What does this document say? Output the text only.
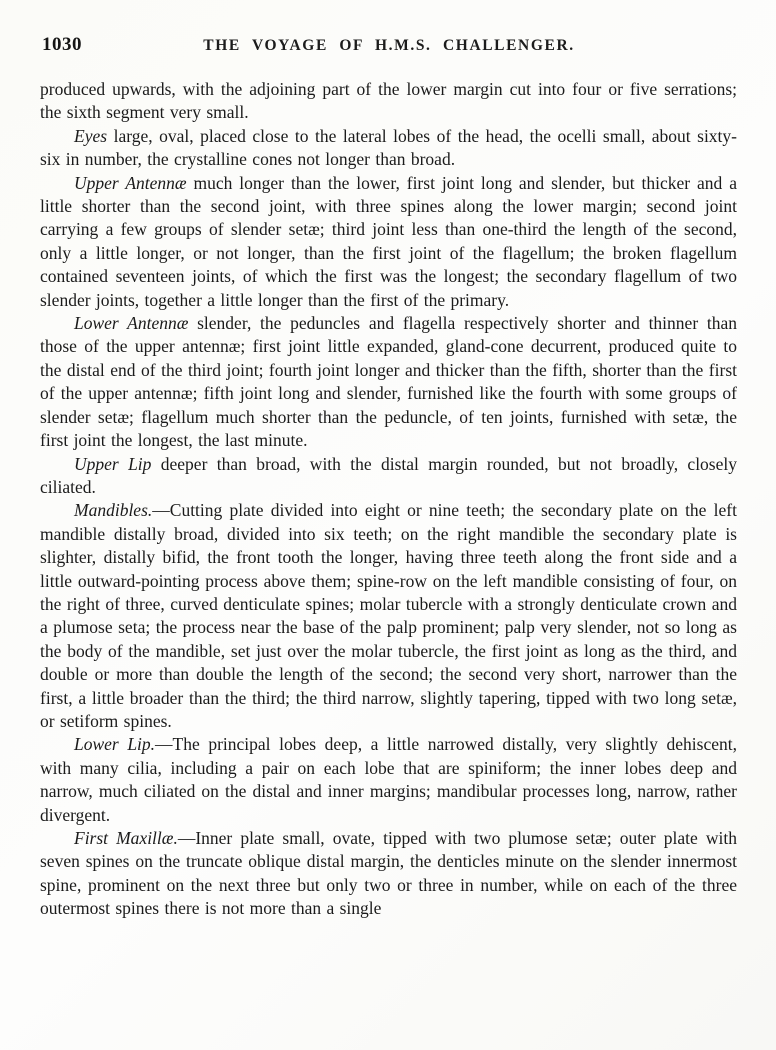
1030	THE VOYAGE OF H.M.S. CHALLENGER.

produced upwards, with the adjoining part of the lower margin cut into four or five serrations; the sixth segment very small.

Eyes large, oval, placed close to the lateral lobes of the head, the ocelli small, about sixty-six in number, the crystalline cones not longer than broad.

Upper Antennæ much longer than the lower, first joint long and slender, but thicker and a little shorter than the second joint, with three spines along the lower margin; second joint carrying a few groups of slender setæ; third joint less than one-third the length of the second, only a little longer, or not longer, than the first joint of the flagellum; the broken flagellum contained seventeen joints, of which the first was the longest; the secondary flagellum of two slender joints, together a little longer than the first of the primary.

Lower Antennæ slender, the peduncles and flagella respectively shorter and thinner than those of the upper antennæ; first joint little expanded, gland-cone decurrent, produced quite to the distal end of the third joint; fourth joint longer and thicker than the fifth, shorter than the first of the upper antennæ; fifth joint long and slender, furnished like the fourth with some groups of slender setæ; flagellum much shorter than the peduncle, of ten joints, furnished with setæ, the first joint the longest, the last minute.

Upper Lip deeper than broad, with the distal margin rounded, but not broadly, closely ciliated.

Mandibles.—Cutting plate divided into eight or nine teeth; the secondary plate on the left mandible distally broad, divided into six teeth; on the right mandible the secondary plate is slighter, distally bifid, the front tooth the longer, having three teeth along the front side and a little outward-pointing process above them; spine-row on the left mandible consisting of four, on the right of three, curved denticulate spines; molar tubercle with a strongly denticulate crown and a plumose seta; the process near the base of the palp prominent; palp very slender, not so long as the body of the mandible, set just over the molar tubercle, the first joint as long as the third, and double or more than double the length of the second; the second very short, narrower than the first, a little broader than the third; the third narrow, slightly tapering, tipped with two long setæ, or setiform spines.

Lower Lip.—The principal lobes deep, a little narrowed distally, very slightly dehiscent, with many cilia, including a pair on each lobe that are spiniform; the inner lobes deep and narrow, much ciliated on the distal and inner margins; mandibular processes long, narrow, rather divergent.

First Maxillæ.—Inner plate small, ovate, tipped with two plumose setæ; outer plate with seven spines on the truncate oblique distal margin, the denticles minute on the slender innermost spine, prominent on the next three but only two or three in number, while on each of the three outermost spines there is not more than a single
